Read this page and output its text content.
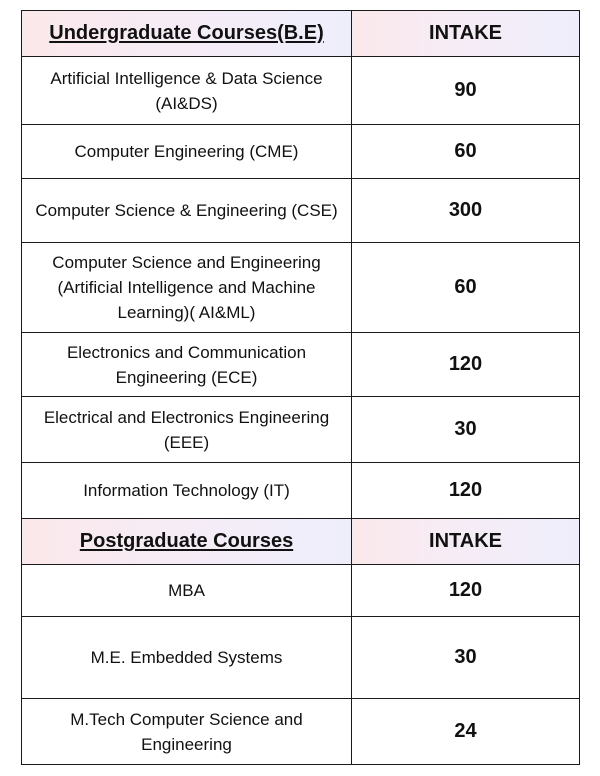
Undergraduate Courses(B.E)	INTAKE
Artificial Intelligence & Data Science (AI&DS)	90
Computer Engineering (CME)	60
Computer Science & Engineering (CSE)	300
Computer Science and Engineering (Artificial Intelligence and Machine Learning)( AI&ML)	60
Electronics and Communication Engineering (ECE)	120
Electrical and Electronics Engineering (EEE)	30
Information Technology (IT)	120
Postgraduate Courses	INTAKE
MBA	120
M.E. Embedded Systems	30
M.Tech Computer Science and Engineering	24
